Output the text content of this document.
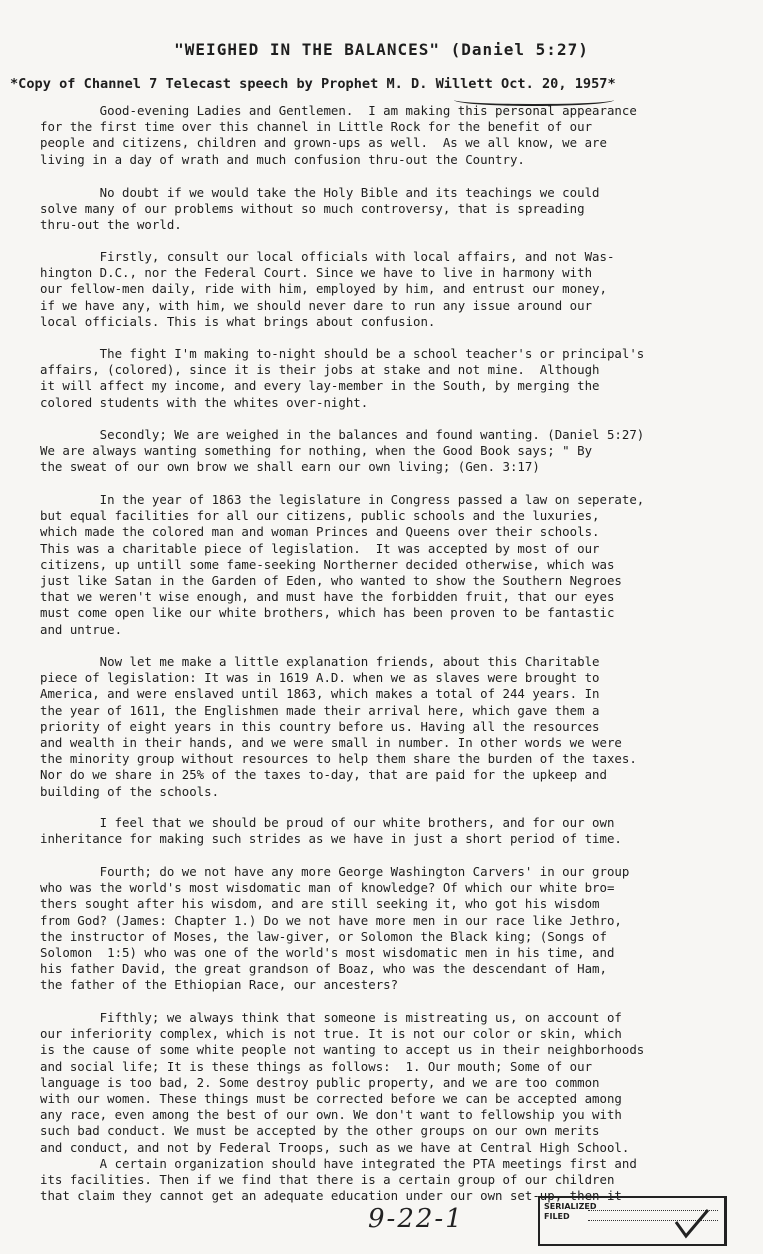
"WEIGHED IN THE BALANCES" (Daniel 5:27)
*Copy of Channel 7 Telecast speech by Prophet M. D. Willett Oct. 20, 1957*
Good-evening Ladies and Gentlemen.  I am making this personal appearance
for the first time over this channel in Little Rock for the benefit of our
people and citizens, children and grown-ups as well.  As we all know, we are
living in a day of wrath and much confusion thru-out the Country.
No doubt if we would take the Holy Bible and its teachings we could
solve many of our problems without so much controversy, that is spreading
thru-out the world.
Firstly, consult our local officials with local affairs, and not Was-
hington D.C., nor the Federal Court. Since we have to live in harmony with
our fellow-men daily, ride with him, employed by him, and entrust our money,
if we have any, with him, we should never dare to run any issue around our
local officials. This is what brings about confusion.
The fight I'm making to-night should be a school teacher's or principal's
affairs, (colored), since it is their jobs at stake and not mine.  Although
it will affect my income, and every lay-member in the South, by merging the
colored students with the whites over-night.
Secondly; We are weighed in the balances and found wanting. (Daniel 5:27)
We are always wanting something for nothing, when the Good Book says; " By
the sweat of our own brow we shall earn our own living; (Gen. 3:17)
In the year of 1863 the legislature in Congress passed a law on seperate,
but equal facilities for all our citizens, public schools and the luxuries,
which made the colored man and woman Princes and Queens over their schools.
This was a charitable piece of legislation.  It was accepted by most of our
citizens, up untill some fame-seeking Northerner decided otherwise, which was
just like Satan in the Garden of Eden, who wanted to show the Southern Negroes
that we weren't wise enough, and must have the forbidden fruit, that our eyes
must come open like our white brothers, which has been proven to be fantastic
and untrue.
Now let me make a little explanation friends, about this Charitable
piece of legislation: It was in 1619 A.D. when we as slaves were brought to
America, and were enslaved until 1863, which makes a total of 244 years. In
the year of 1611, the Englishmen made their arrival here, which gave them a
priority of eight years in this country before us. Having all the resources
and wealth in their hands, and we were small in number. In other words we were
the minority group without resources to help them share the burden of the taxes.
Nor do we share in 25% of the taxes to-day, that are paid for the upkeep and
building of the schools.
I feel that we should be proud of our white brothers, and for our own
inheritance for making such strides as we have in just a short period of time.
Fourth; do we not have any more George Washington Carvers' in our group
who was the world's most wisdomatic man of knowledge? Of which our white bro=
thers sought after his wisdom, and are still seeking it, who got his wisdom
from God? (James: Chapter 1.) Do we not have more men in our race like Jethro,
the instructor of Moses, the law-giver, or Solomon the Black king; (Songs of
Solomon  1:5) who was one of the world's most wisdomatic men in his time, and
his father David, the great grandson of Boaz, who was the descendant of Ham,
the father of the Ethiopian Race, our ancesters?
Fifthly; we always think that someone is mistreating us, on account of
our inferiority complex, which is not true. It is not our color or skin, which
is the cause of some white people not wanting to accept us in their neighborhoods
and social life; It is these things as follows:  1. Our mouth; Some of our
language is too bad, 2. Some destroy public property, and we are too common
with our women. These things must be corrected before we can be accepted among
any race, even among the best of our own. We don't want to fellowship you with
such bad conduct. We must be accepted by the other groups on our own merits
and conduct, and not by Federal Troops, such as we have at Central High School.
A certain organization should have integrated the PTA meetings first and
its facilities. Then if we find that there is a certain group of our children
that claim they cannot get an adequate education under our own set-up, then it
9-22-1	SERIALIZED
FILED
